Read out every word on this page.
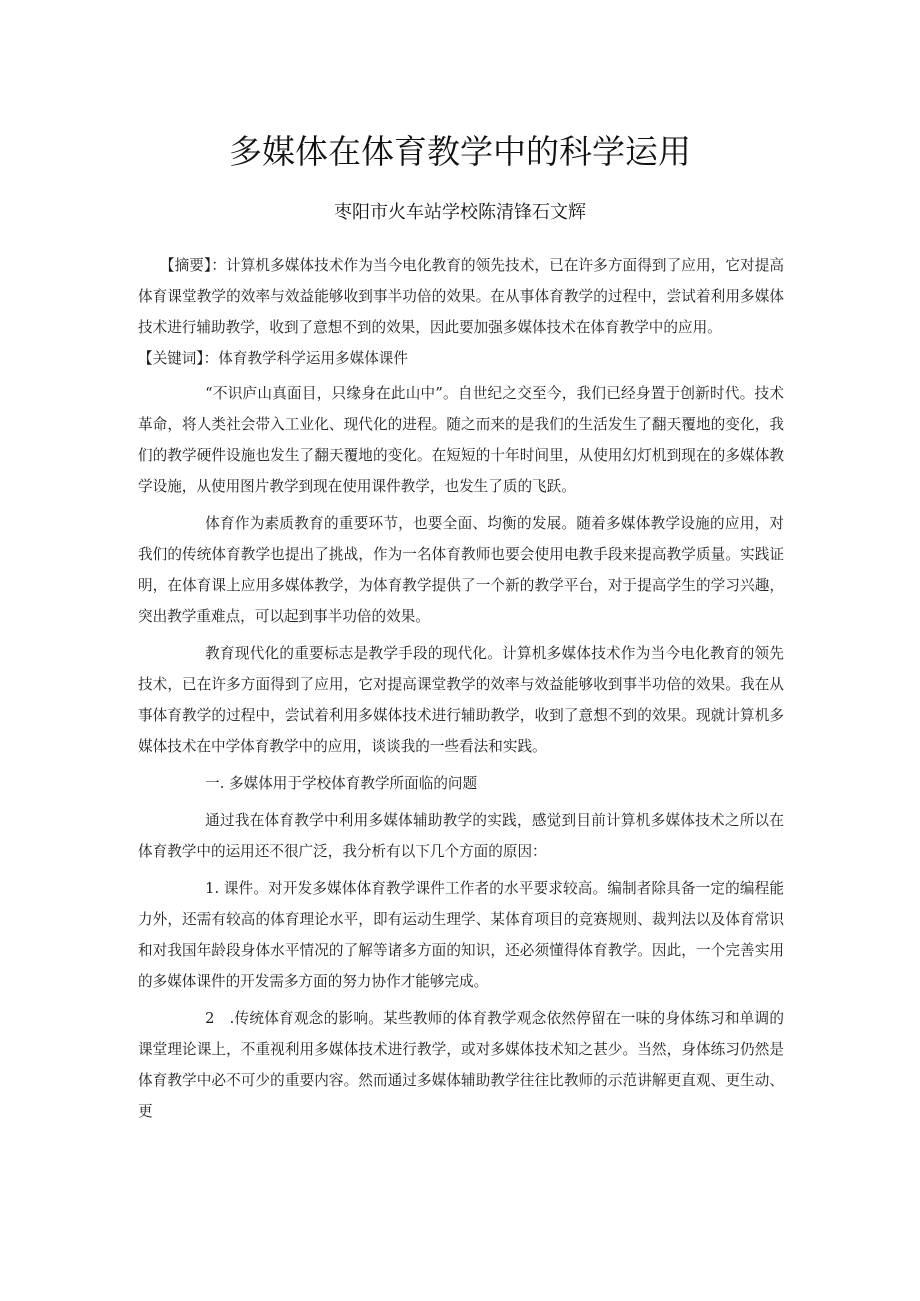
多媒体在体育教学中的科学运用
枣阳市火车站学校陈清锋石文辉

【摘要】：计算机多媒体技术作为当今电化教育的领先技术，已在许多方面得到了应用，它对提高体育课堂教学的效率与效益能够收到事半功倍的效果。在从事体育教学的过程中，尝试着利用多媒体技术进行辅助教学，收到了意想不到的效果，因此要加强多媒体技术在体育教学中的应用。

【关键词】：体育教学科学运用多媒体课件

“不识庐山真面目，只缘身在此山中”。自世纪之交至今，我们已经身置于创新时代。技术革命，将人类社会带入工业化、现代化的进程。随之而来的是我们的生活发生了翻天覆地的变化，我们的教学硬件设施也发生了翻天覆地的变化。在短短的十年时间里，从使用幻灯机到现在的多媒体教学设施，从使用图片教学到现在使用课件教学，也发生了质的飞跃。

体育作为素质教育的重要环节，也要全面、均衡的发展。随着多媒体教学设施的应用，对我们的传统体育教学也提出了挑战，作为一名体育教师也要会使用电教手段来提高教学质量。实践证明，在体育课上应用多媒体教学，为体育教学提供了一个新的教学平台，对于提高学生的学习兴趣，突出教学重难点，可以起到事半功倍的效果。

教育现代化的重要标志是教学手段的现代化。计算机多媒体技术作为当今电化教育的领先技术，已在许多方面得到了应用，它对提高课堂教学的效率与效益能够收到事半功倍的效果。我在从事体育教学的过程中，尝试着利用多媒体技术进行辅助教学，收到了意想不到的效果。现就计算机多媒体技术在中学体育教学中的应用，谈谈我的一些看法和实践。

一. 多媒体用于学校体育教学所面临的问题

通过我在体育教学中利用多媒体辅助教学的实践，感觉到目前计算机多媒体技术之所以在体育教学中的运用还不很广泛，我分析有以下几个方面的原因：

1. 课件。对开发多媒体体育教学课件工作者的水平要求较高。编制者除具备一定的编程能力外，还需有较高的体育理论水平，即有运动生理学、某体育项目的竞赛规则、裁判法以及体育常识和对我国年龄段身体水平情况的了解等诸多方面的知识，还必须懂得体育教学。因此，一个完善实用的多媒体课件的开发需多方面的努力协作才能够完成。

2　.传统体育观念的影响。某些教师的体育教学观念依然停留在一味的身体练习和单调的课堂理论课上，不重视利用多媒体技术进行教学，或对多媒体技术知之甚少。当然，身体练习仍然是体育教学中必不可少的重要内容。然而通过多媒体辅助教学往往比教师的示范讲解更直观、更生动、更
